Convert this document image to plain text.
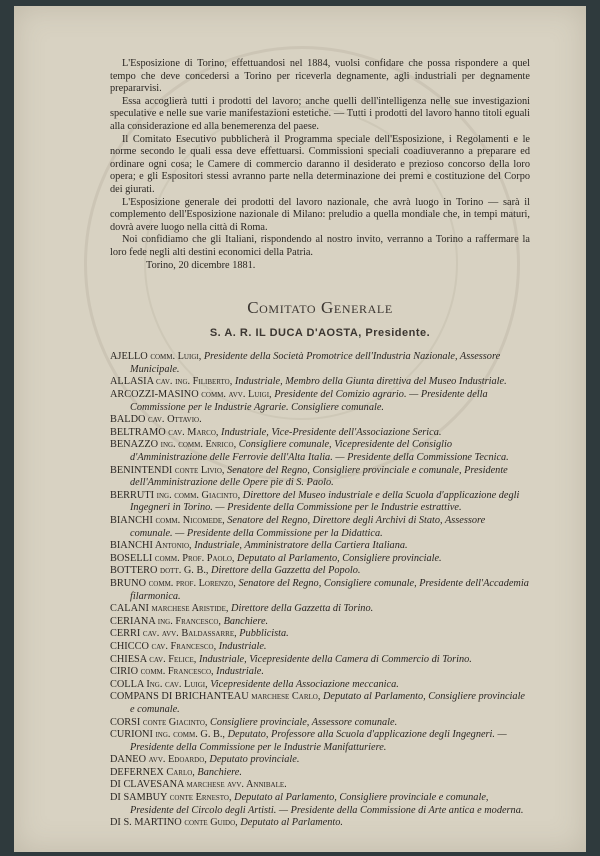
L'Esposizione di Torino, effettuandosi nel 1884, vuolsi confidare che possa rispondere a quel tempo che deve concedersi a Torino per riceverla degnamente, agli industriali per degnamente prepararvisi.

Essa accoglierà tutti i prodotti del lavoro; anche quelli dell'intelligenza nelle sue investigazioni speculative e nelle sue varie manifestazioni estetiche. — Tutti i prodotti del lavoro hanno titoli eguali alla considerazione ed alla benemerenza del paese.

Il Comitato Esecutivo pubblicherà il Programma speciale dell'Esposizione, i Regolamenti e le norme secondo le quali essa deve effettuarsi. Commissioni speciali coadiuveranno a preparare ed ordinare ogni cosa; le Camere di commercio daranno il desiderato e prezioso concorso della loro opera; e gli Espositori stessi avranno parte nella determinazione dei premi e costituzione del Corpo dei giurati.

L'Esposizione generale dei prodotti del lavoro nazionale, che avrà luogo in Torino — sarà il complemento dell'Esposizione nazionale di Milano: preludio a quella mondiale che, in tempi maturi, dovrà avere luogo nella città di Roma.

Noi confidiamo che gli Italiani, rispondendo al nostro invito, verranno a Torino a raffermare la loro fede negli alti destini economici della Patria.

Torino, 20 dicembre 1881.

Comitato Generale
S. A. R. IL DUCA D'AOSTA, Presidente.
AJELLO comm. Luigi, Presidente della Società Promotrice dell'Industria Nazionale, Assessore Municipale.
ALLASIA cav. ing. Filiberto, Industriale, Membro della Giunta direttiva del Museo Industriale.
ARCOZZI-MASINO comm. avv. Luigi, Presidente del Comizio agrario. — Presidente della Commissione per le Industrie Agrarie. Consigliere comunale.
BALDO cav. Ottavio.
BELTRAMO cav. Marco, Industriale, Vice-Presidente dell'Associazione Serica.
BENAZZO ing. comm. Enrico, Consigliere comunale, Vicepresidente del Consiglio d'Amministrazione delle Ferrovie dell'Alta Italia. — Presidente della Commissione Tecnica.
BENINTENDI conte Livio, Senatore del Regno, Consigliere provinciale e comunale, Presidente dell'Amministrazione delle Opere pie di S. Paolo.
BERRUTI ing. comm. Giacinto, Direttore del Museo industriale e della Scuola d'applicazione degli Ingegneri in Torino. — Presidente della Commissione per le Industrie estrattive.
BIANCHI comm. Nicomede, Senatore del Regno, Direttore degli Archivi di Stato, Assessore comunale. — Presidente della Commissione per la Didattica.
BIANCHI Antonio, Industriale, Amministratore della Cartiera Italiana.
BOSELLI comm. Prof. Paolo, Deputato al Parlamento, Consigliere provinciale.
BOTTERO dott. G. B., Direttore della Gazzetta del Popolo.
BRUNO comm. prof. Lorenzo, Senatore del Regno, Consigliere comunale, Presidente dell'Accademia filarmonica.
CALANI marchese Aristide, Direttore della Gazzetta di Torino.
CERIANA ing. Francesco, Banchiere.
CERRI cav. avv. Baldassarre, Pubblicista.
CHICCO cav. Francesco, Industriale.
CHIESA cav. Felice, Industriale, Vicepresidente della Camera di Commercio di Torino.
CIRIO comm. Francesco, Industriale.
COLLA Ing. cav. Luigi, Vicepresidente della Associazione meccanica.
COMPANS DI BRICHANTEAU marchese Carlo, Deputato al Parlamento, Consigliere provinciale e comunale.
CORSI conte Giacinto, Consigliere provinciale, Assessore comunale.
CURIONI ing. comm. G. B., Deputato, Professore alla Scuola d'applicazione degli Ingegneri. — Presidente della Commissione per le Industrie Manifatturiere.
DANEO avv. Edoardo, Deputato provinciale.
DEFERNEX Carlo, Banchiere.
DI CLAVESANA marchese avv. Annibale.
DI SAMBUY conte Ernesto, Deputato al Parlamento, Consigliere provinciale e comunale, Presidente del Circolo degli Artisti. — Presidente della Commissione di Arte antica e moderna.
DI S. MARTINO conte Guido, Deputato al Parlamento.
